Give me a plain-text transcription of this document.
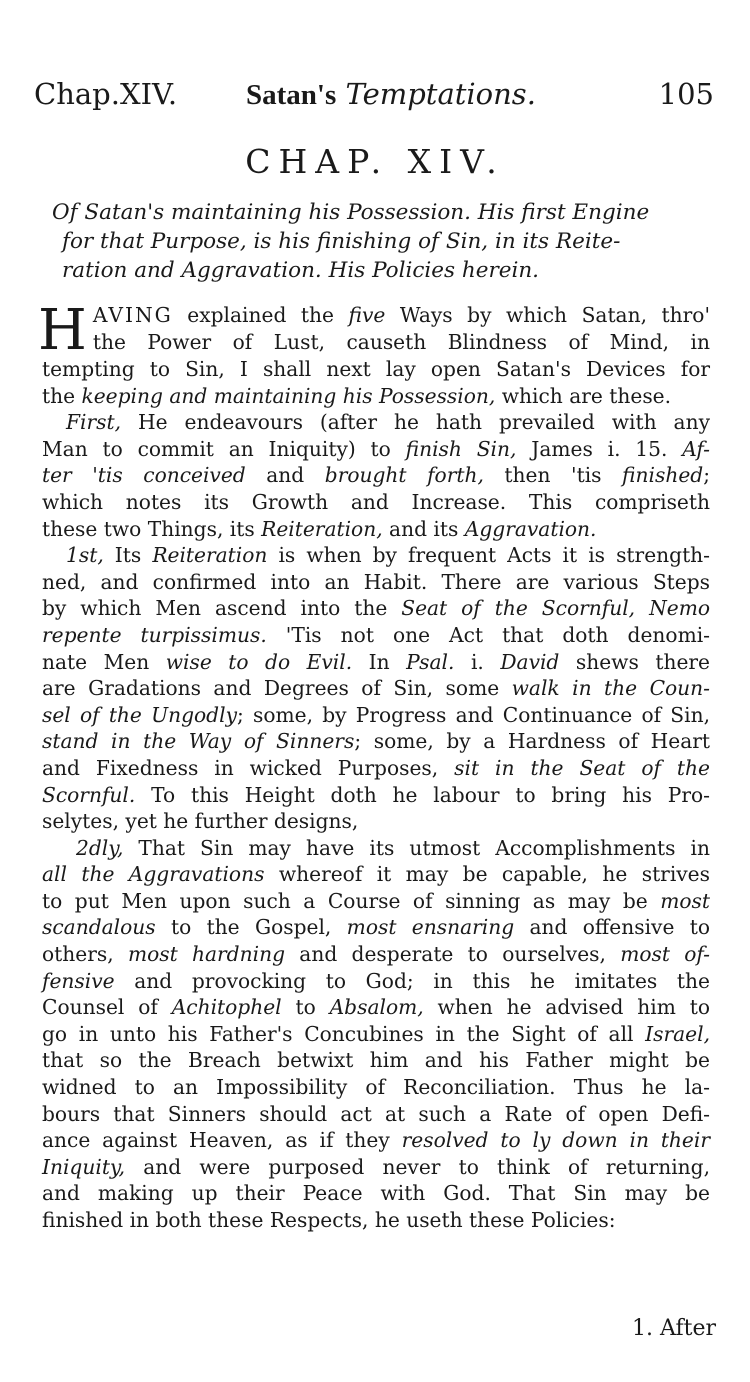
Chap.XIV. Satan's Temptations.	105
CHAP. XIV.
Of Satan's maintaining his Possession. His first Engine
for that Purpose, is his finishing of Sin, in its Reite-
ration and Aggravation. His Policies herein.
H AVING explained the five Ways by which Satan, thro'
the Power of Lust, causeth Blindness of Mind, in
tempting to Sin, I shall next lay open Satan's Devices for
the keeping and maintaining his Possession, which are these.
First, He endeavours (after he hath prevailed with any
Man to commit an Iniquity) to finish Sin, James i. 15. Af-
ter 'tis conceived and brought forth, then 'tis finished;
which notes its Growth and Increase. This compriseth
these two Things, its Reiteration, and its Aggravation.
1st, Its Reiteration is when by frequent Acts it is strength-
ned, and confirmed into an Habit. There are various Steps
by which Men ascend into the Seat of the Scornful, Nemo
repente turpissimus. 'Tis not one Act that doth denomi-
nate Men wise to do Evil. In Psal. i. David shews there
are Gradations and Degrees of Sin, some walk in the Coun-
sel of the Ungodly; some, by Progress and Continuance of Sin,
stand in the Way of Sinners; some, by a Hardness of Heart
and Fixedness in wicked Purposes, sit in the Seat of the
Scornful. To this Height doth he labour to bring his Pro-
selytes, yet he further designs,
2dly, That Sin may have its utmost Accomplishments in
all the Aggravations whereof it may be capable, he strives
to put Men upon such a Course of sinning as may be most
scandalous to the Gospel, most ensnaring and offensive to
others, most hardning and desperate to ourselves, most of-
fensive and provocking to God; in this he imitates the
Counsel of Achitophel to Absalom, when he advised him to
go in unto his Father's Concubines in the Sight of all Israel,
that so the Breach betwixt him and his Father might be
widned to an Impossibility of Reconciliation. Thus he la-
bours that Sinners should act at such a Rate of open Defi-
ance against Heaven, as if they resolved to ly down in their
Iniquity, and were purposed never to think of returning,
and making up their Peace with God. That Sin may be
finished in both these Respects, he useth these Policies:
1. After
